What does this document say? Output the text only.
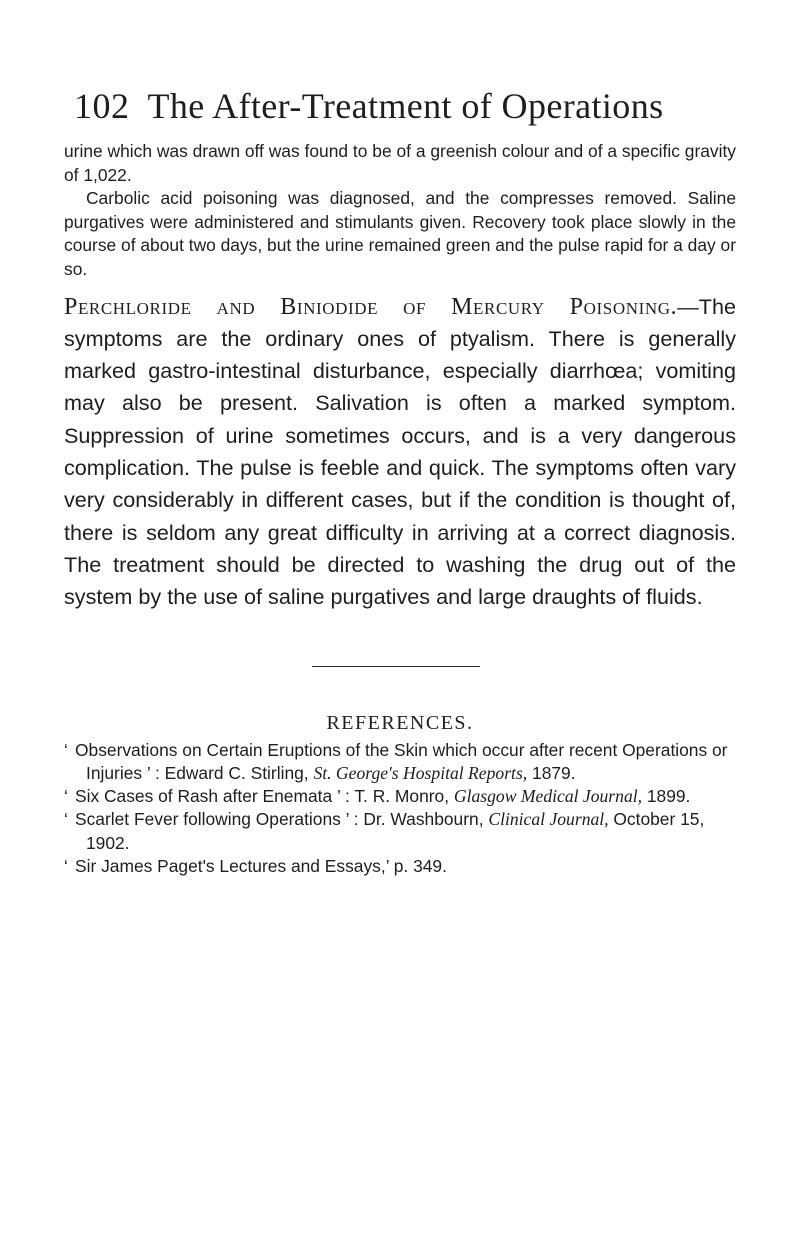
102 The After-Treatment of Operations

urine which was drawn off was found to be of a greenish colour and of a specific gravity of 1,022.

Carbolic acid poisoning was diagnosed, and the compresses removed. Saline purgatives were administered and stimulants given. Recovery took place slowly in the course of about two days, but the urine remained green and the pulse rapid for a day or so.

Perchloride and Biniodide of Mercury Poisoning.—The symptoms are the ordinary ones of ptyalism. There is generally marked gastro-intestinal disturbance, especially diarrhœa; vomiting may also be present. Salivation is often a marked symptom. Suppression of urine sometimes occurs, and is a very dangerous complication. The pulse is feeble and quick. The symptoms often vary very considerably in different cases, but if the condition is thought of, there is seldom any great difficulty in arriving at a correct diagnosis. The treatment should be directed to washing the drug out of the system by the use of saline purgatives and large draughts of fluids.

REFERENCES.

‘ Observations on Certain Eruptions of the Skin which occur after recent Operations or Injuries ’ : Edward C. Stirling, St. George's Hospital Reports, 1879.

‘ Six Cases of Rash after Enemata ’ : T. R. Monro, Glasgow Medical Journal, 1899.

‘ Scarlet Fever following Operations ’ : Dr. Washbourn, Clinical Journal, October 15, 1902.

‘ Sir James Paget's Lectures and Essays,’ p. 349.
